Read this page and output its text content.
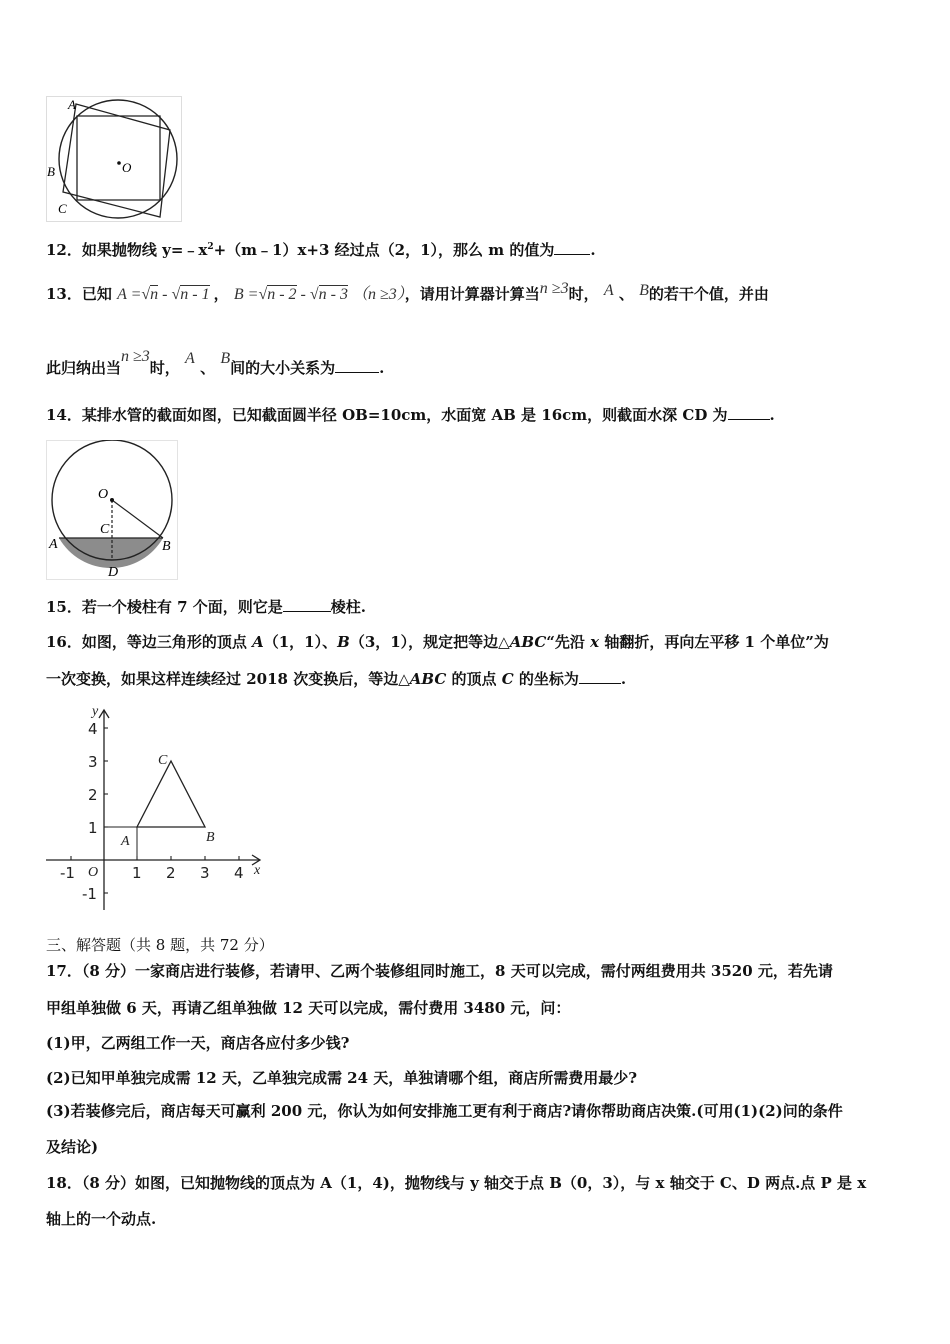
A
B
C
O
12．如果抛物线 $y=﹣x^2+(m﹣1)x+3$ 经过点（2，1），那么 m 的值为 .
13．已知 A =√n - √n - 1 ， B =√n - 2 - √n - 3 （n ≥3），请用计算器计算当n ≥3时， A 、 B的若干个值，并由
此归纳出当n ≥3时， A 、 B间的大小关系为	.
14．某排水管的截面如图，已知截面圆半径 OB=10cm，水面宽 AB 是 16cm，则截面水深 CD 为	.
O
C
A	B
D
15．若一个棱柱有 7 个面，则它是	棱柱.
16．如图，等边三角形的顶点 A（1，1）、B（3，1），规定把等边△ABC“先沿 x 轴翻折，再向左平移 1 个单位”为
一次变换，如果这样连续经过 2018 次变换后，等边△ABC 的顶点 C 的坐标为	.
-1	1 2 3 4
4
3
2
1
-1
y
x
O
A	B
C
三、解答题（共 8 题，共 72 分）
17．（8 分）一家商店进行装修，若请甲、乙两个装修组同时施工，8 天可以完成，需付两组费用共 3520 元，若先请
甲组单独做 6 天，再请乙组单独做 12 天可以完成，需付费用 3480 元，问：
(1)甲，乙两组工作一天，商店各应付多少钱?
(2)已知甲单独完成需 12 天，乙单独完成需 24 天，单独请哪个组，商店所需费用最少?
(3)若装修完后，商店每天可赢利 200 元，你认为如何安排施工更有利于商店?请你帮助商店决策.(可用(1)(2)问的条件
及结论)
18．（8 分）如图，已知抛物线的顶点为 A（1，4)，抛物线与 y 轴交于点 B（0，3），与 x 轴交于 C、D 两点.点 P 是 x
轴上的一个动点.
